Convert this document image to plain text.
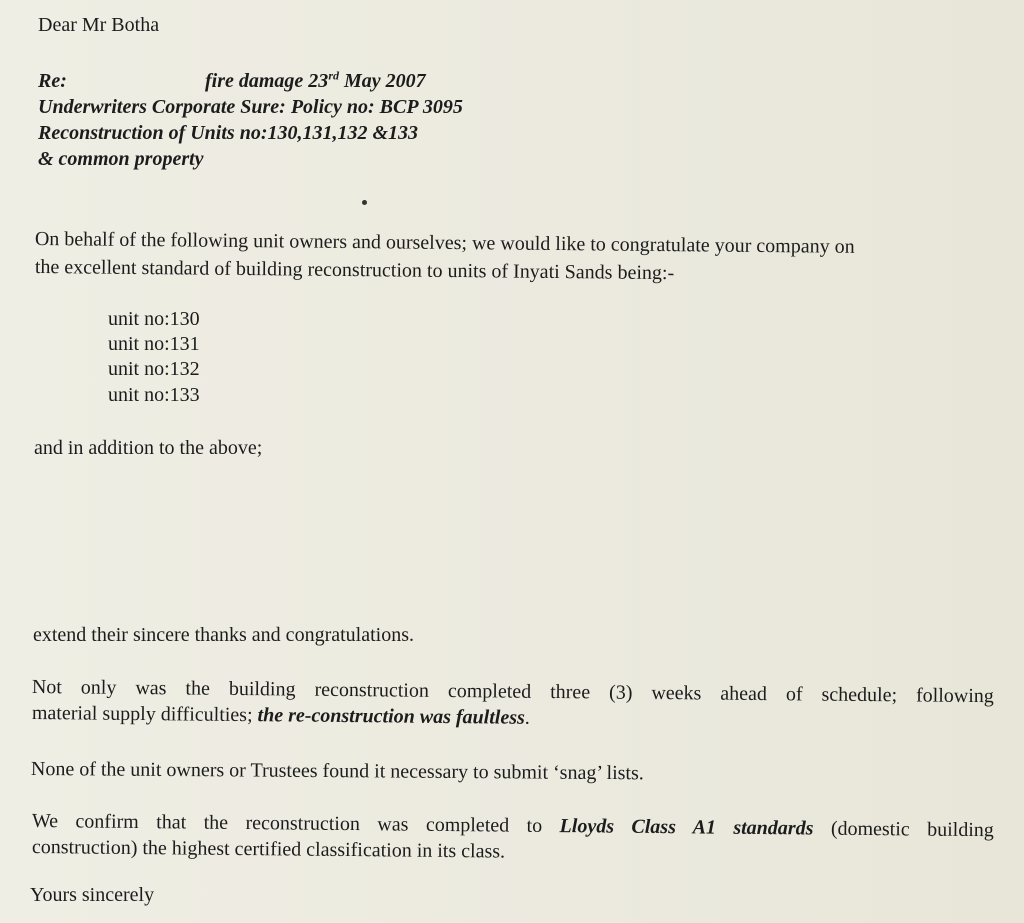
Dear Mr Botha
Re:	fire damage 23rd May 2007
Underwriters Corporate Sure: Policy no: BCP 3095
Reconstruction of Units no:130,131,132 &133
& common property
On behalf of the following unit owners and ourselves; we would like to congratulate your company on
the excellent standard of building reconstruction to units of Inyati Sands being:-
unit no:130
unit no:131
unit no:132
unit no:133
and in addition to the above;
extend their sincere thanks and congratulations.
Not only was the building reconstruction completed three (3) weeks ahead of schedule; following
material supply difficulties; the re-construction was faultless.
None of the unit owners or Trustees found it necessary to submit ‘snag’ lists.
We confirm that the reconstruction was completed to Lloyds Class A1 standards (domestic building
construction) the highest certified classification in its class.
Yours sincerely
